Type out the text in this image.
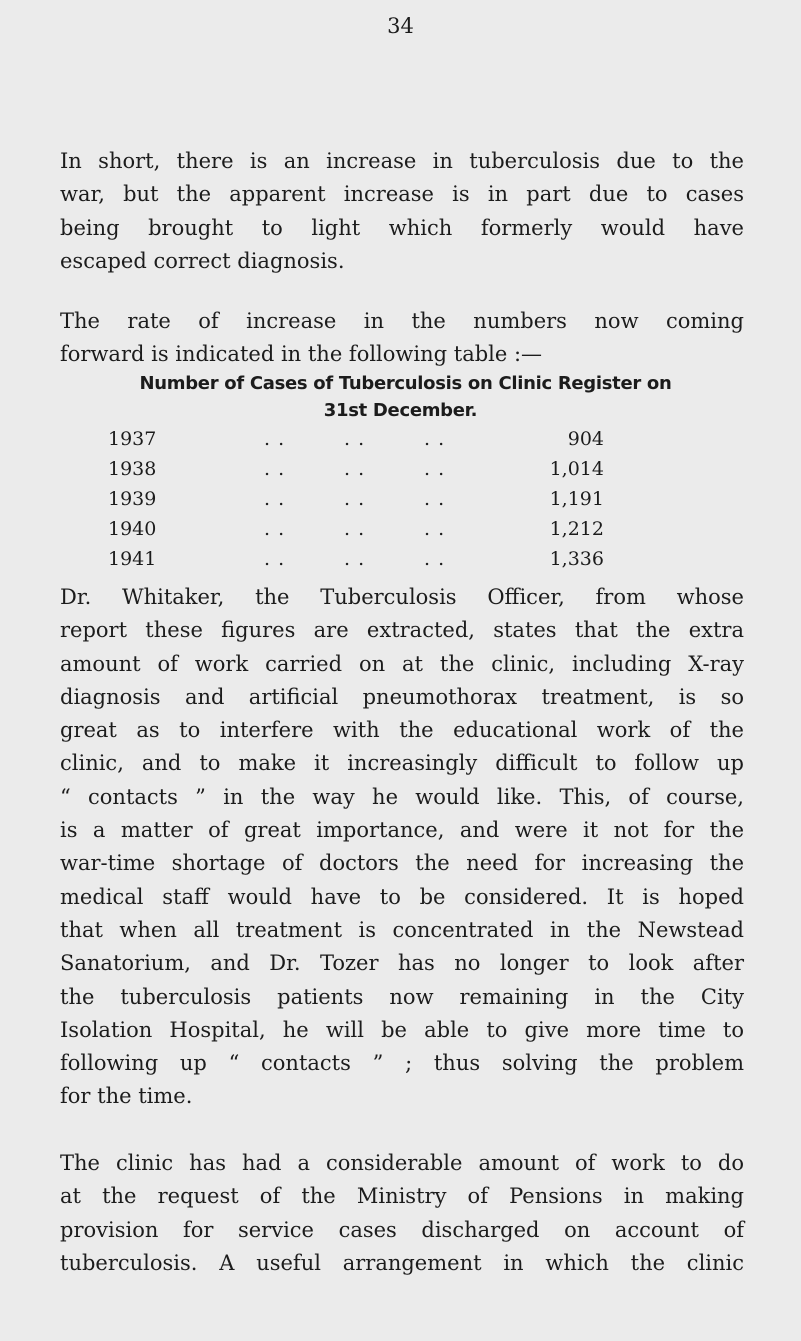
34
In short, there is an increase in tuberculosis due to the
war, but the apparent increase is in part due to cases
being brought to light which formerly would have
escaped correct diagnosis.
The rate of increase in the numbers now coming
forward is indicated in the following table :—
Number of Cases of Tuberculosis on Clinic Register on
31st December.
1937	. .	. .	. .	904
1938	. .	. .	. .	1,014
1939	. .	. .	. .	1,191
1940	. .	. .	. .	1,212
1941	. .	. .	. .	1,336
Dr. Whitaker, the Tuberculosis Officer, from whose
report these figures are extracted, states that the extra
amount of work carried on at the clinic, including X-ray
diagnosis and artificial pneumothorax treatment, is so
great as to interfere with the educational work of the
clinic, and to make it increasingly difficult to follow up
“ contacts ” in the way he would like. This, of course,
is a matter of great importance, and were it not for the
war-time shortage of doctors the need for increasing the
medical staff would have to be considered. It is hoped
that when all treatment is concentrated in the Newstead
Sanatorium, and Dr. Tozer has no longer to look after
the tuberculosis patients now remaining in the City
Isolation Hospital, he will be able to give more time to
following up “ contacts ” ; thus solving the problem
for the time.
The clinic has had a considerable amount of work to do
at the request of the Ministry of Pensions in making
provision for service cases discharged on account of
tuberculosis. A useful arrangement in which the clinic
